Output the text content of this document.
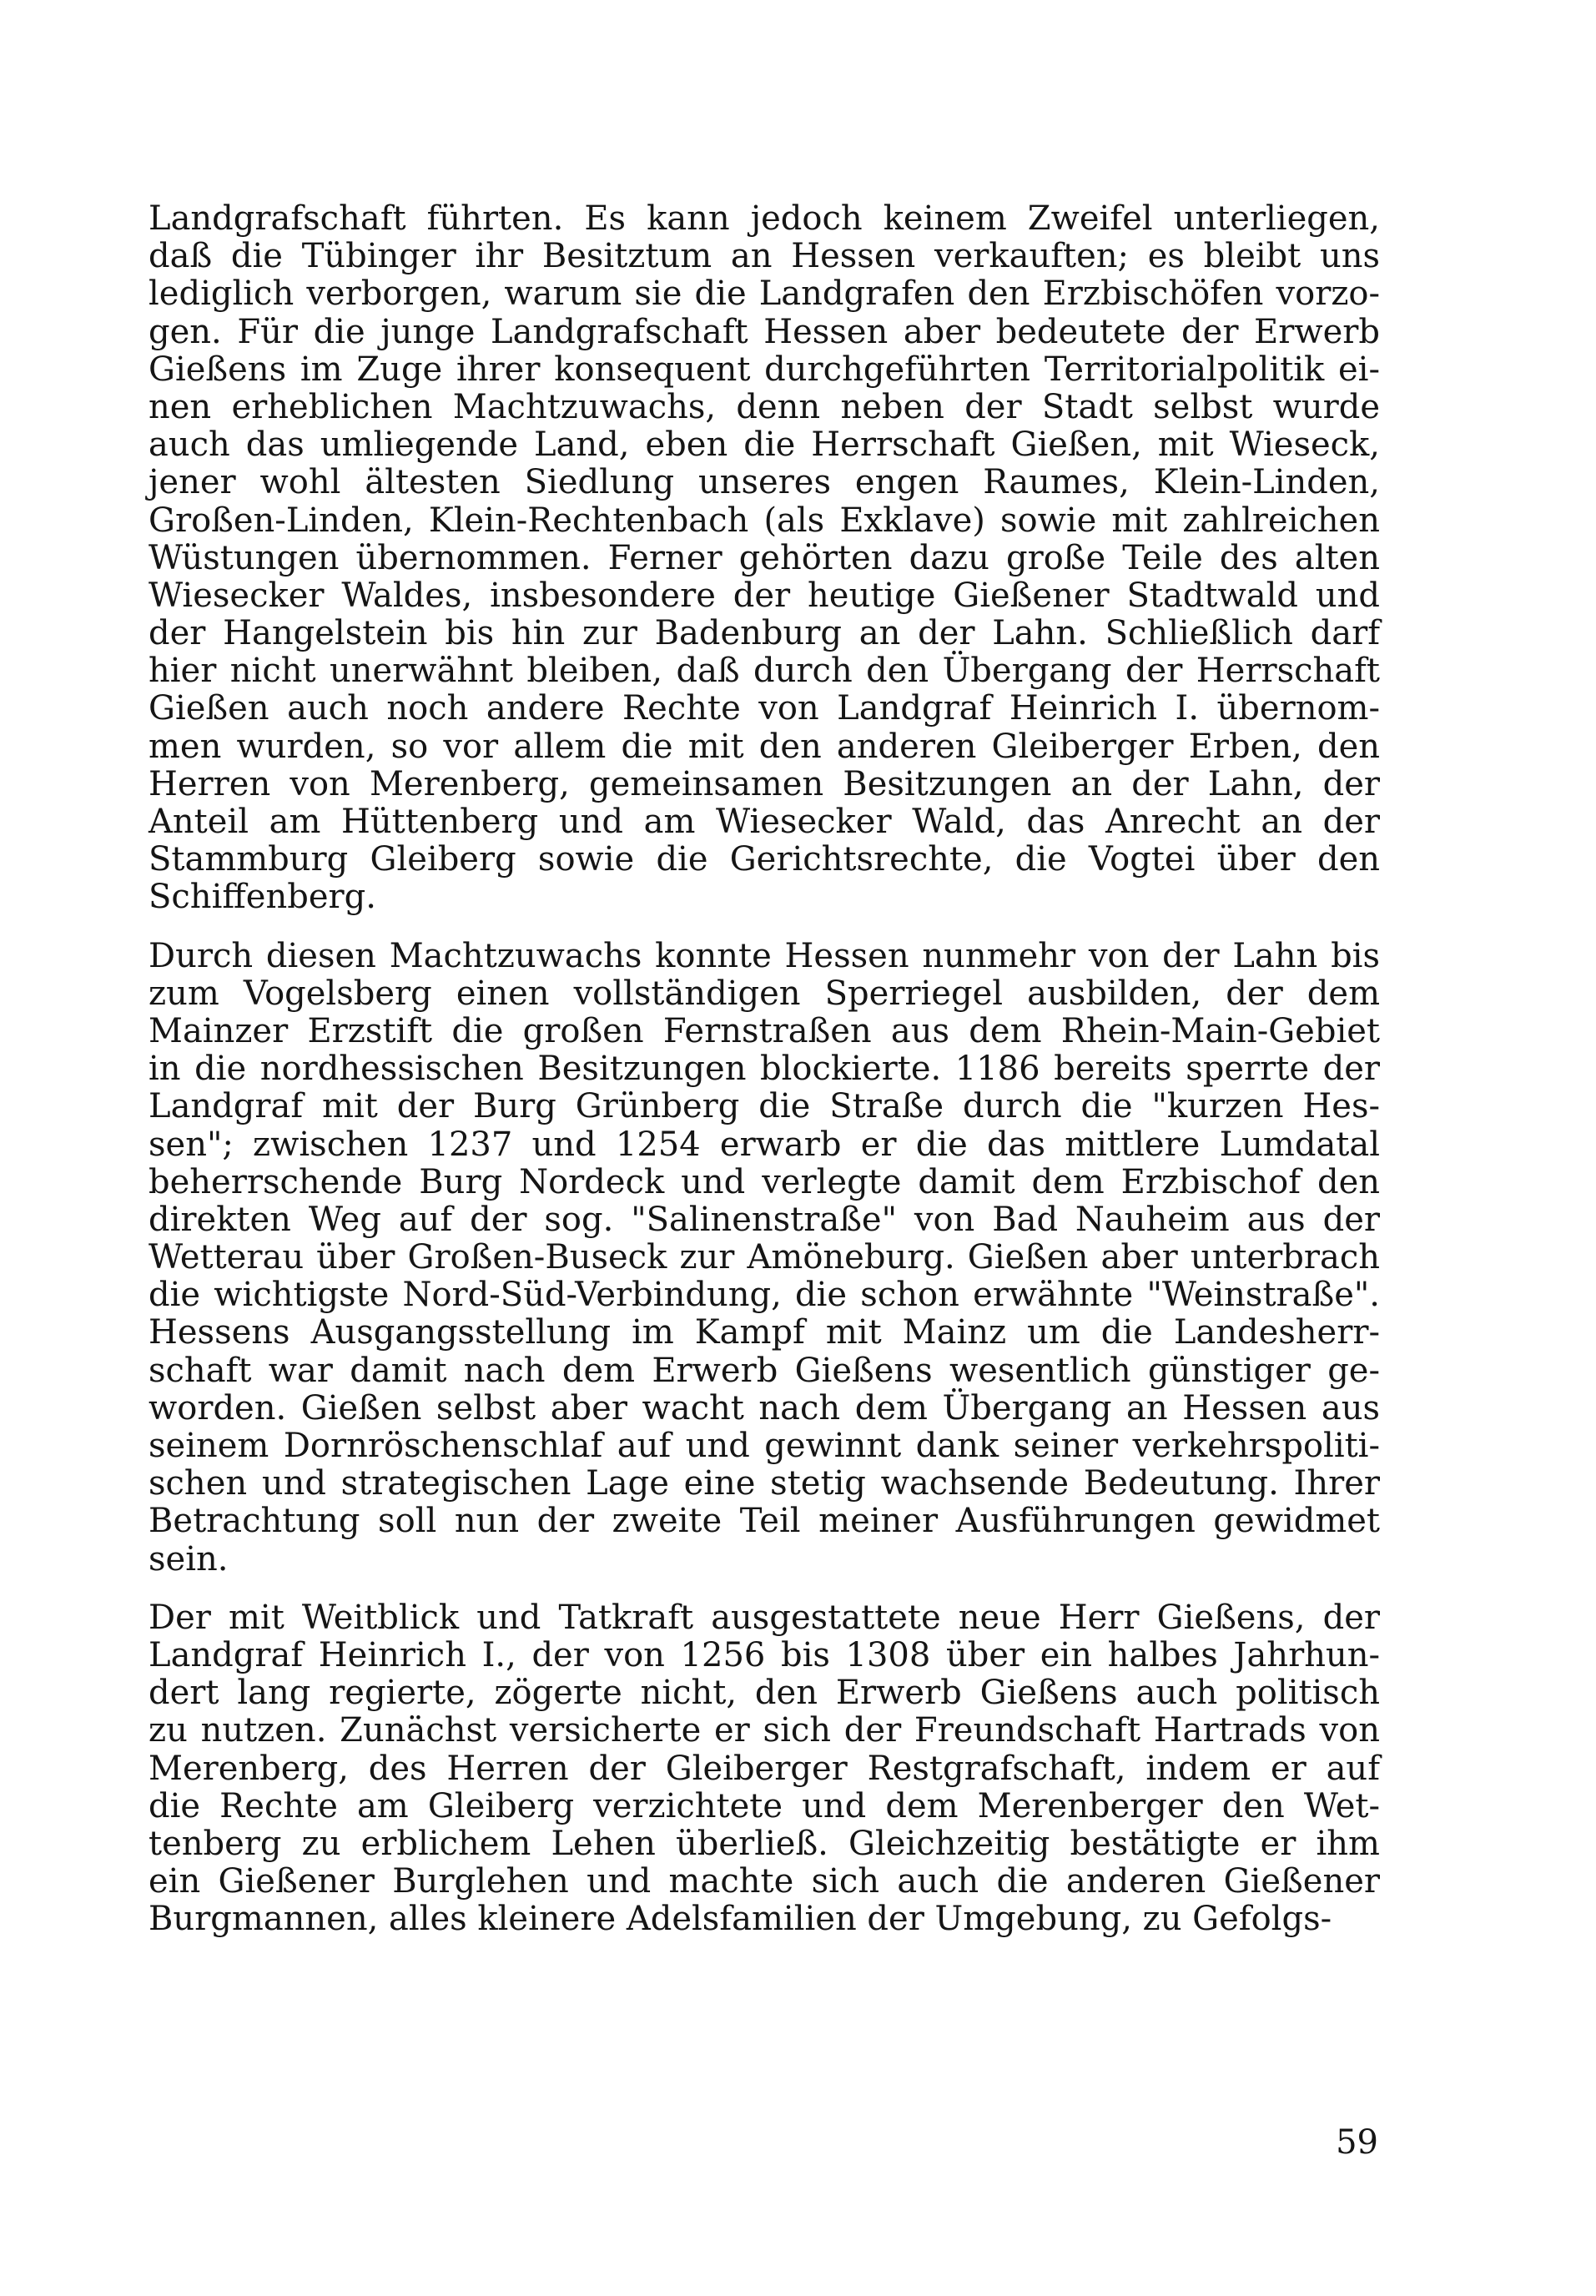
Landgrafschaft führten. Es kann jedoch keinem Zweifel unterliegen,
daß die Tübinger ihr Besitztum an Hessen verkauften; es bleibt uns
lediglich verborgen, warum sie die Landgrafen den Erzbischöfen vorzo-
gen. Für die junge Landgrafschaft Hessen aber bedeutete der Erwerb
Gießens im Zuge ihrer konsequent durchgeführten Territorialpolitik ei-
nen erheblichen Machtzuwachs, denn neben der Stadt selbst wurde
auch das umliegende Land, eben die Herrschaft Gießen, mit Wieseck,
jener wohl ältesten Siedlung unseres engen Raumes, Klein-Linden,
Großen-Linden, Klein-Rechtenbach (als Exklave) sowie mit zahlreichen
Wüstungen übernommen. Ferner gehörten dazu große Teile des alten
Wiesecker Waldes, insbesondere der heutige Gießener Stadtwald und
der Hangelstein bis hin zur Badenburg an der Lahn. Schließlich darf
hier nicht unerwähnt bleiben, daß durch den Übergang der Herrschaft
Gießen auch noch andere Rechte von Landgraf Heinrich I. übernom-
men wurden, so vor allem die mit den anderen Gleiberger Erben, den
Herren von Merenberg, gemeinsamen Besitzungen an der Lahn, der
Anteil am Hüttenberg und am Wiesecker Wald, das Anrecht an der
Stammburg Gleiberg sowie die Gerichtsrechte, die Vogtei über den
Schiffenberg.
Durch diesen Machtzuwachs konnte Hessen nunmehr von der Lahn bis
zum Vogelsberg einen vollständigen Sperriegel ausbilden, der dem
Mainzer Erzstift die großen Fernstraßen aus dem Rhein-Main-Gebiet
in die nordhessischen Besitzungen blockierte. 1186 bereits sperrte der
Landgraf mit der Burg Grünberg die Straße durch die "kurzen Hes-
sen"; zwischen 1237 und 1254 erwarb er die das mittlere Lumdatal
beherrschende Burg Nordeck und verlegte damit dem Erzbischof den
direkten Weg auf der sog. "Salinenstraße" von Bad Nauheim aus der
Wetterau über Großen-Buseck zur Amöneburg. Gießen aber unterbrach
die wichtigste Nord-Süd-Verbindung, die schon erwähnte "Weinstraße".
Hessens Ausgangsstellung im Kampf mit Mainz um die Landesherr-
schaft war damit nach dem Erwerb Gießens wesentlich günstiger ge-
worden. Gießen selbst aber wacht nach dem Übergang an Hessen aus
seinem Dornröschenschlaf auf und gewinnt dank seiner verkehrspoliti-
schen und strategischen Lage eine stetig wachsende Bedeutung. Ihrer
Betrachtung soll nun der zweite Teil meiner Ausführungen gewidmet
sein.
Der mit Weitblick und Tatkraft ausgestattete neue Herr Gießens, der
Landgraf Heinrich I., der von 1256 bis 1308 über ein halbes Jahrhun-
dert lang regierte, zögerte nicht, den Erwerb Gießens auch politisch
zu nutzen. Zunächst versicherte er sich der Freundschaft Hartrads von
Merenberg, des Herren der Gleiberger Restgrafschaft, indem er auf
die Rechte am Gleiberg verzichtete und dem Merenberger den Wet-
tenberg zu erblichem Lehen überließ. Gleichzeitig bestätigte er ihm
ein Gießener Burglehen und machte sich auch die anderen Gießener
Burgmannen, alles kleinere Adelsfamilien der Umgebung, zu Gefolgs-
59
